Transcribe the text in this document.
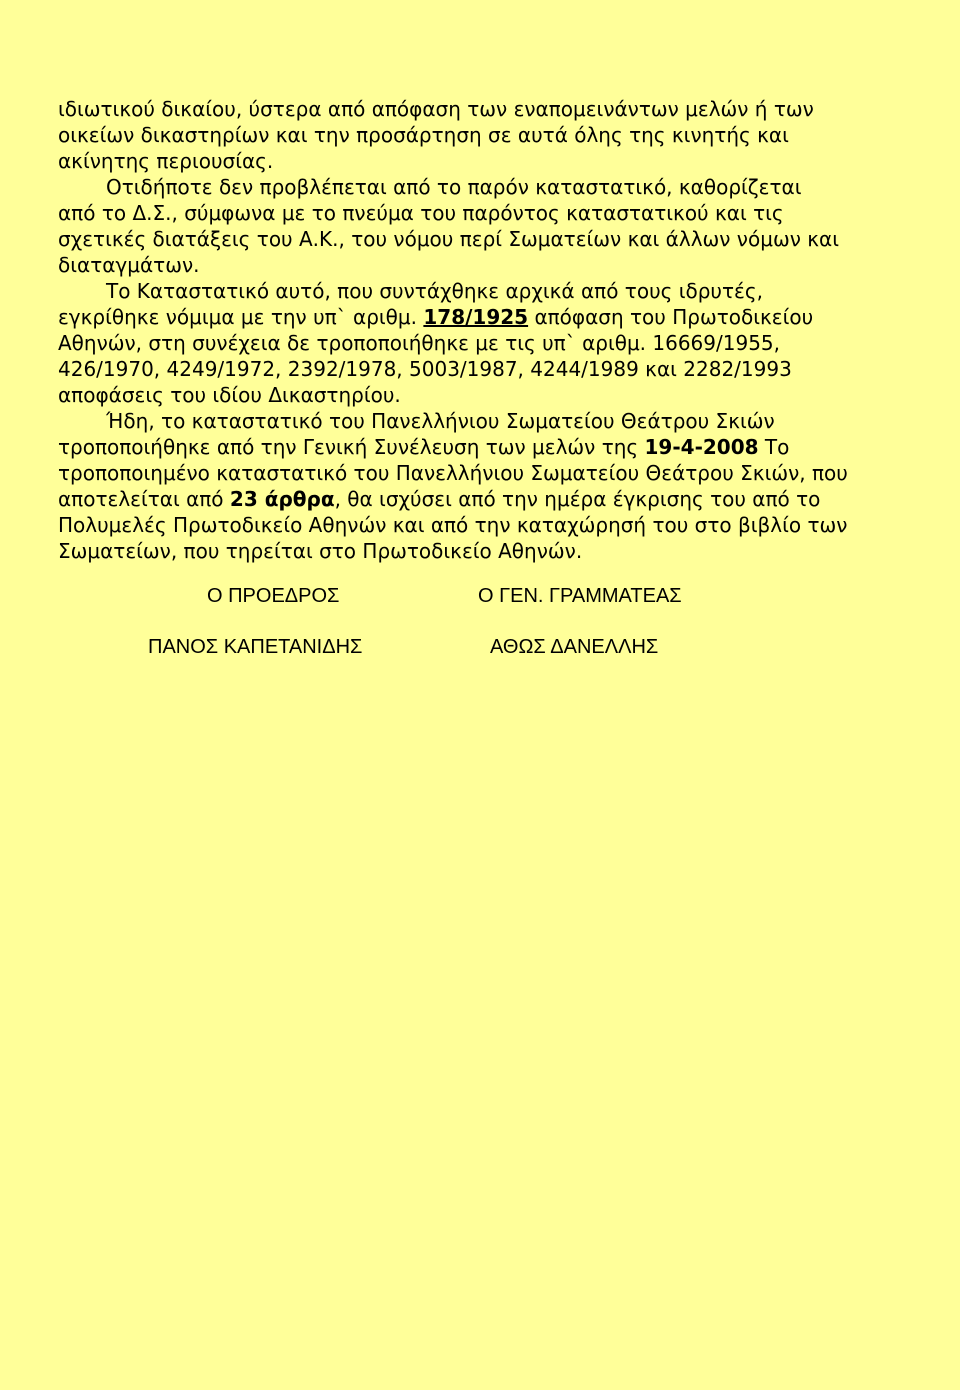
ιδιωτικού δικαίου, ύστερα από απόφαση των εναπομεινάντων μελών ή των
οικείων δικαστηρίων και την προσάρτηση σε αυτά όλης της κινητής και
ακίνητης περιουσίας.

Οτιδήποτε δεν προβλέπεται από το παρόν καταστατικό, καθορίζεται
από το Δ.Σ., σύμφωνα με το πνεύμα του παρόντος καταστατικού και τις
σχετικές διατάξεις του Α.Κ., του νόμου περί Σωματείων και άλλων νόμων και
διαταγμάτων.

Το Καταστατικό αυτό, που συντάχθηκε αρχικά από τους ιδρυτές,
εγκρίθηκε νόμιμα με την υπ` αριθμ. 178/1925 απόφαση του Πρωτοδικείου
Αθηνών, στη συνέχεια δε τροποποιήθηκε με τις υπ` αριθμ. 16669/1955,
426/1970, 4249/1972, 2392/1978, 5003/1987, 4244/1989 και 2282/1993
αποφάσεις του ιδίου Δικαστηρίου.

Ήδη, το καταστατικό του Πανελλήνιου Σωματείου Θεάτρου Σκιών
τροποποιήθηκε από την Γενική Συνέλευση των μελών της 19-4-2008 Το
τροποποιημένο καταστατικό του Πανελλήνιου Σωματείου Θεάτρου Σκιών, που
αποτελείται από 23 άρθρα, θα ισχύσει από την ημέρα έγκρισης του από το
Πολυμελές Πρωτοδικείο Αθηνών και από την καταχώρησή του στο βιβλίο των
Σωματείων, που τηρείται στο Πρωτοδικείο Αθηνών.

Ο ΠΡΟΕΔΡΟΣ	Ο ΓΕΝ. ΓΡΑΜΜΑΤΕΑΣ
ΠΑΝΟΣ ΚΑΠΕΤΑΝΙΔΗΣ	ΑΘΩΣ ΔΑΝΕΛΛΗΣ
